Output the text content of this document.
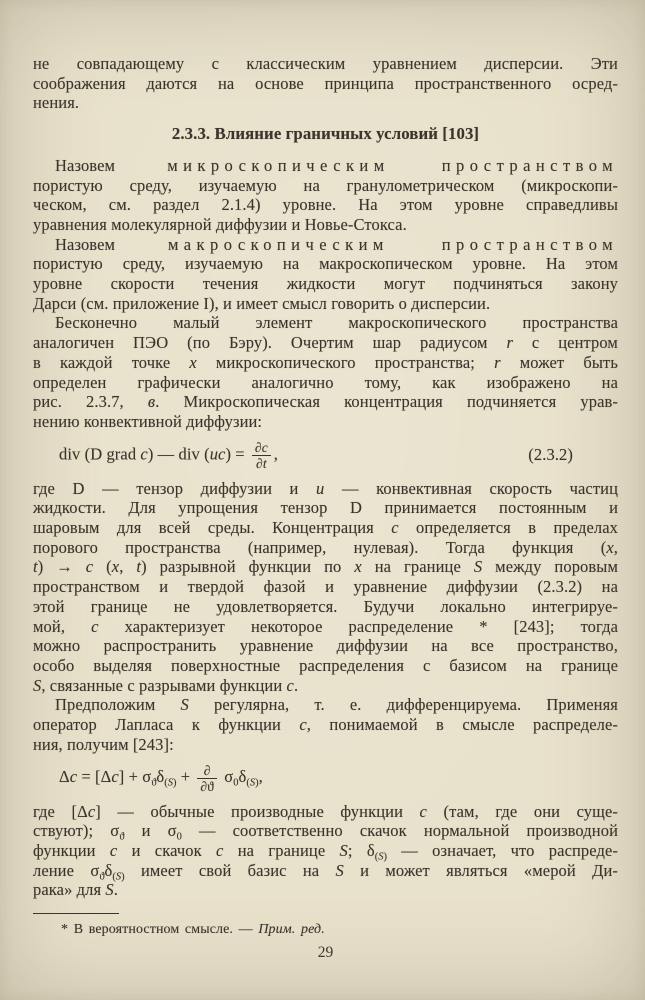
не совпадающему с классическим уравнением дисперсии. Эти
соображения даются на основе принципа пространственного осред-
нения.
2.3.3. Влияние граничных условий [103]
Назовем микроскопическим	пространством
пористую среду, изучаемую на гранулометрическом (микроскопи-
ческом, см. раздел 2.1.4) уровне. На этом уровне справедливы
уравнения молекулярной диффузии и Новье-Стокса.
Назовем макроскопическим	пространством
пористую среду, изучаемую на макроскопическом уровне. На этом
уровне скорости течения жидкости могут подчиняться закону
Дарси (см. приложение I), и имеет смысл говорить о дисперсии.
Бесконечно малый элемент макроскопического пространства
аналогичен ПЭО (по Бэру). Очертим шар радиусом r с центром
в каждой точке x микроскопического пространства; r может быть
определен графически аналогично тому, как изображено на
рис. 2.3.7, в. Микроскопическая концентрация подчиняется урав-
нению конвективной диффузии:
div (D grad c) — div $(uc) = \frac{\partial c}{\partial t}$ ,	(2.3.2)
где D — тензор диффузии и u — конвективная скорость частиц
жидкости. Для упрощения тензор D принимается постоянным и
шаровым для всей среды. Концентрация c определяется в пределах
порового пространства (например, нулевая). Тогда функция (x,
t) → c (x, t) разрывной функции по x на границе S между поровым
пространством и твердой фазой и уравнение диффузии (2.3.2) на
этой границе не удовлетворяется. Будучи локально интегрируе-
мой, c характеризует некоторое распределение * [243]; тогда
можно распространить уравнение диффузии на все пространство,
особо выделяя поверхностные распределения с базисом на границе
S, связанные с разрывами функции c.
Предположим S регулярна, т. е. дифференцируема. Применяя
оператор Лапласа к функции c, понимаемой в смысле распределе-
ния, получим [243]:
$\Delta c = [\Delta c] + \sigma_ϑ\delta_{(S)} + \frac{\partial}{\partial ϑ} \sigma_0\delta_{(S)}$,
где [Δc] — обычные производные функции c (там, где они суще-
ствуют); $\sigma_ϑ$ и $\sigma_0$ — соответственно скачок нормальной производной
функции c и скачок c на границе S; $\delta_{(S)}$ — означает, что распреде-
ление $\sigma_ϑ\delta_{(S)}$ имеет свой базис на S и может являться «мерой Ди-
рака» для S.
* В вероятностном смысле. — Прим. ред.
29
